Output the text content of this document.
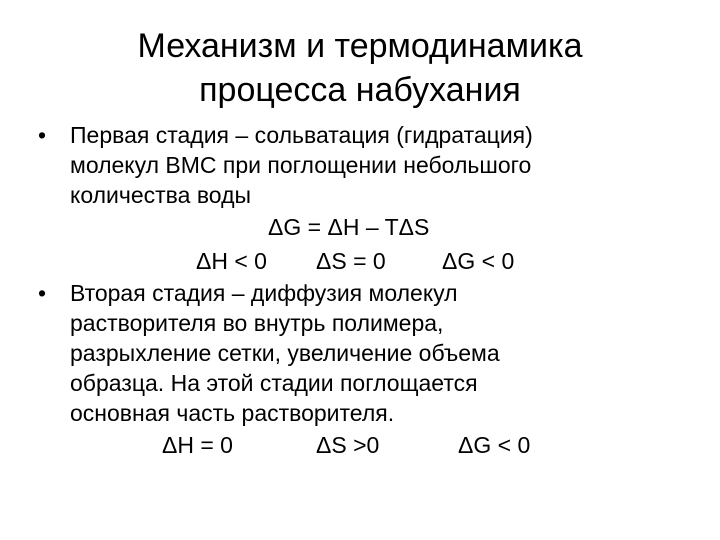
Механизм и термодинамика
процесса набухания
• Первая стадия – сольватация (гидратация)
молекул ВМС при поглощении небольшого
количества воды
ΔG = ΔH – TΔS
ΔH < 0 ΔS = 0 ΔG < 0
• Вторая стадия – диффузия молекул
растворителя во внутрь полимера,
разрыхление сетки, увеличение объема
образца. На этой стадии поглощается
основная часть растворителя.
ΔH = 0	ΔS >0	ΔG < 0
